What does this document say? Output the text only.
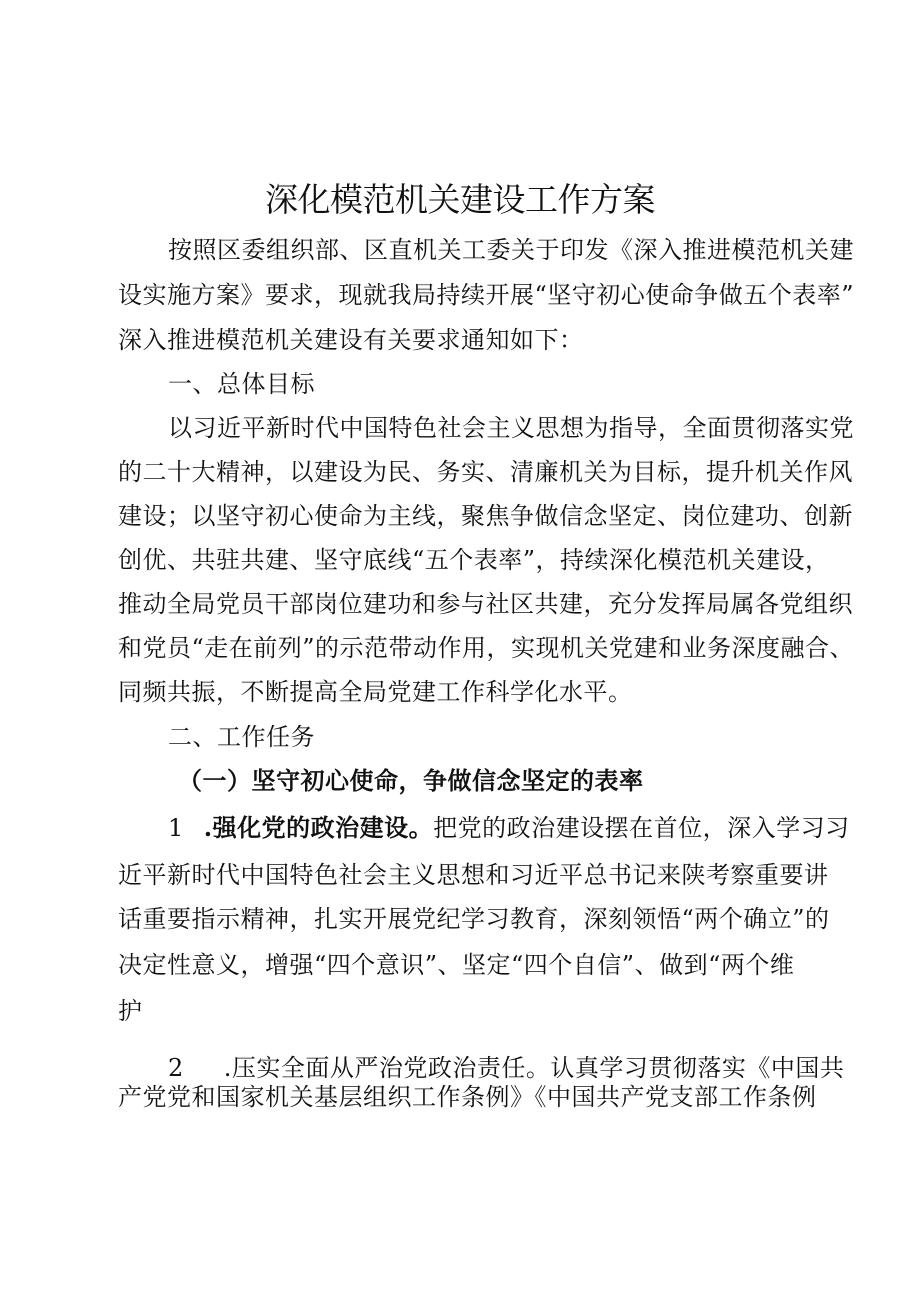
深化模范机关建设工作方案
按照区委组织部、区直机关工委关于印发《深入推进模范机关建
设实施方案》要求，现就我局持续开展“坚守初心使命争做五个表率”
深入推进模范机关建设有关要求通知如下：
一、总体目标
以习近平新时代中国特色社会主义思想为指导，全面贯彻落实党
的二十大精神，以建设为民、务实、清廉机关为目标，提升机关作风
建设；以坚守初心使命为主线，聚焦争做信念坚定、岗位建功、创新
创优、共驻共建、坚守底线“五个表率”，持续深化模范机关建设，
推动全局党员干部岗位建功和参与社区共建，充分发挥局属各党组织
和党员“走在前列”的示范带动作用，实现机关党建和业务深度融合、
同频共振，不断提高全局党建工作科学化水平。
二、工作任务
（一）坚守初心使命，争做信念坚定的表率
1 .强化党的政治建设。把党的政治建设摆在首位，深入学习习
近平新时代中国特色社会主义思想和习近平总书记来陕考察重要讲
话重要指示精神，扎实开展党纪学习教育，深刻领悟“两个确立”的
决定性意义，增强“四个意识”、坚定“四个自信”、做到“两个维
护
2 .压实全面从严治党政治责任。认真学习贯彻落实《中国共
产党党和国家机关基层组织工作条例》《中国共产党支部工作条例
